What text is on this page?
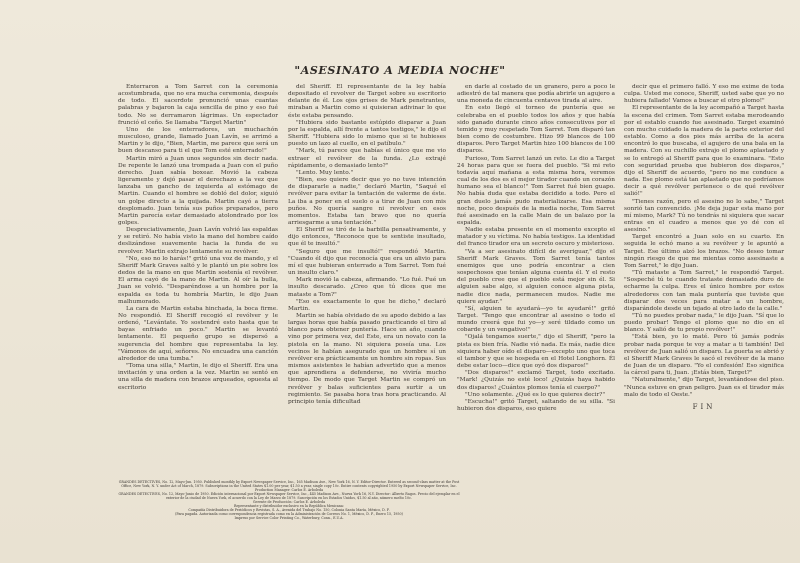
"ASESINATO A MEDIA NOCHE"

Enterraron a Tom Sarret con la ceremonia acostumbrada, que no era mucha ceremonia, después de todo. El sacerdote pronunció unas cuantas palabras y bajaron la caja sencilla de pino y eso fué todo. No se derramaron lágrimas. Un espectador frunció el ceño. Se llamaba "Target Martin"

Uno de los enterradores, un muchachón musculoso, grande, llamado Juan Lavín, se arrimó a Martin y le dijo, "Bien, Martin, me parece que será un buen descanso para ti el que Tom esté enterrado!"

Martin miró a Juan unos segundos sin decir nada. De repente le lanzó una trompada a Juan con el puño derecho. Juan sabía boxear. Movió la cabeza ligeramente y dejó pasar el derechazo a la vez que lanzaba un gancho de izquierda al estómago de Martin. Cuando el hombre se dobló del dolor, siguió un golpe directo a la quijada. Martin cayó a tierra desplomado. Juan tenía sus puños preparados, pero Martin parecía estar demasiado atolondrado por los golpes.

Despreciativamente, Juan Lavín volvió las espaldas y se retiró. No había visto la mano del hombre caído deslizándose suavemente hacia la funda de su revolver. Martin extrajo lentamente su revólver.

"No, eso no lo harás!" gritó una voz de mando, y el Sheriff Mark Graves saltó y le plantó un pie sobre los dedos de la mano en que Martin sostenía el revólver. El arma cayó de la mano de Martin. Al oír la bulla, Juan se volvió. "Desparéndose a un hombre por la espalda es toda tu hombría Martin, le dijo Juan malhumorado.

La cara de Martin estaba hinchada, la boca firme. No respondió. El Sheriff recogió el revólver y le ordenó, "Levántate. Yo sostendré esto hasta que te bayas enfriado un poco." Martin se levantó lentamente. El pequeño grupo se dispersó a sugerencia del hombre que representaba la ley. "Vámonos de aquí, señores. No encuadra una canción alrededor de una tumba."

"Toma una silla," Martin, le dijo el Sheriff. Era una invitación y una orden a la vez. Martin se sentó en una silla de madera con brazos arqueados, opuesta al escritorio

del Sheriff. El representante de la ley había depositado el revolver de Target sobre su escritorio delante de él. Los ojos grises de Mark penetrantes, miraban a Martin como si quisieran adivinar lo que éste estaba pensando.

"Hubiera sido bastante estúpido disparar a Juan por la espalda, allí frente a tantos testigos," le dijo el Sheriff. "Hubiera sido lo mismo que si te hubieses puesto un lazo al cuello, en el patíbulo."

"Mark, tú parece que habías el único que me vio extraer el revólver de la funda. ¿Lo extrajé rápidamente, o demasiado lento?"

"Lento. Muy lento."

"Bien, eso quiere decir que yo no tuve intención de dispararle a nadie," declaró Martin, "Saqué el revólver para evitar la tentación de valerme de éste. La iba a poner en el suelo o a tirar de Juan con mis puños. No quería sangre ni revolver en esos momentos. Estaba tan bravo que no quería arriesgarme a una tentación."

El Sheriff se tiró de la barbilla pensativamente, y dijo entonces, "Reconoce que te sentiste insultado, que él te insultó."

"Seguro que me insultó!" respondió Martin. "Cuando él dijo que reconocía que era un alivio para mí el que hubieran enterrado a Tom Sarret. Tom fué un insulto claro."

Mark movió la cabeza, afirmando. "Lo fué. Fué un insulto descarado. ¿Creo que tú dices que me mataste a Tom?"

"Eso es exactamente lo que he dicho," declaró Martin.

Martin se había olvidado de su apodo debido a las largas horas que había pasado practicando el tiro al blanco para obtener puntería. Hace un año, cuando vino por primera vez, del Este, era un novato con la pistola en la mano. Ni siquiera poseía una. Los vecinos le habían asegurado que un hombre sí un revólver era prácticamente un hombre sin ropas. Sus mismos asistentes le habían advertido que a menos que aprendiera a defenderse, no viviría mucho tiempo. De modo que Target Martin se compró un revólver y balas suficientes para surtir a un regimiento. Se pasaba hora tras hora practicando. Al principio tenía dificultad

en darle al costado de un granero, pero a poco le adiestró de tal manera que podía abrirle un agujero a una moneda de cincuenta centavos tirada al aire.

En esto llegó el torneo de puntería que se celebraba en el pueblo todos los años y que había sido ganado durante cinco años consecutivos por el temido y muy respetado Tom Sarret. Tom disparó tan bien como de costumbre. Hizo 99 blancos de 100 disparos. Pero Target Martin hizo 100 blancos de 100 disparos.

Furioso, Tom Sarret lanzó un reto. Le dio a Target 24 horas para que se fuera del pueblo. "Si mi reto todavía aquí mañana a esta misma hora, veremos cual de los dos es el mejor tirador cuando un corazón humano sea el blanco!" Tom Sarret fué bien guapo. No había duda que estaba decidido a todo. Pero el gran duelo jamás pudo materializarse. Esa misma noche, poco después de la media noche, Tom Sarret fué asesinado en la calle Main de un balazo por la espalda.

Nadie estaba presente en el momento excepto el matador y su víctima. No había testigos. La identidad del franco tirador era un secreto oscuro y misterioso.

"Va a ser asesinato difícil de averiguar," dijo el Sheriff Mark Graves. Tom Sarret tenía tantos enemigos que uno podría encontrar a cien sospechosos que tenían alguna cuenta él. Y el resto del pueblo cree que el pueblo está mejor sin él. Si alguien sabe algo, si alguien conoce alguna pista, nadie dice nada, permanecen mudos. Nadie me quiere ayudar."

"Sí, alguien te ayudará—yo te ayudaré!" gritó Target. "Tengo que encontrar al asesino o todo el mundo creerá que fui yo—y seré tildado como un cobarde y un vengativo!"

"Ojalá tengamos suerte," dijo el Sheriff, "pero la pista es bien fría. Nadie vió nada. Es más, nadie dice siquiera haber oído el disparo—excepto uno que toca el tambor y que se hospeda en el Hotel Longhorn. Él debe estar loco—dice que oyó dos disparos!"

"Dos disparos!" exclamó Target, todo excitado. "Mark! ¿Quizás no esté loco! ¿Quizás haya habido dos disparos! ¿Cuántos plomos tenía el cuerpo?"

"Uno solamente. ¿Qué es lo que quieres decir?"

"Escucha!" gritó Target, saltando de su silla. "Si hubieron dos disparos, eso quiere

decir que el primero falló. Y eso me exime de toda culpa. Usted me conoce, Sheriff, usted sabe que yo no hubiera fallado! Vamos a buscar el otro plomo!"

El representante de la ley acompañó a Target hasta la escena del crimen. Tom Sarret estaba merodeando por el establo cuando fue asesinado. Target examinó con mucho cuidado la madera de la parte exterior del establo. Como a dos pies más arriba de la acera encontró lo que buscaba, el agujero de una bala en la madera. Con su cuchillo extrajo el plomo aplastado y se lo entregó al Sheriff para que lo examinara. "Esto con seguridad prueba que hubieron dos disparos," dijo el Sheriff de acuerdo, "pero no me conduce a nada. Ese plomo está tan aplastado que no podríamos decir a qué revólver pertenece o de qué revólver salió!"

"Tienes razón, pero el asesino no lo sabe," Target sonrió tan convencido. ¡Me deja jugar esta mano por mí mismo, Mark? Tú no tendrás ni siquiera que sacar entras en el cuadro a menos que yo dé con el asesino."

Target encontró a Juan solo en su cuarto. En seguida le echó mano a su revólver y le apuntó a Target. Ese último alzó los brazos. "No deseo tomar ningún riesgo de que me mientas como asesinaste a Tom Sarret," le dijo Juan.

"Tú mataste a Tom Sarret," le respondió Target. "Sospeché tú te cuando trataste demasiado duro de echarme la culpa. Eres el único hombre por estos alrededores con tan mala puntería que tuviste que disparar dos veces para matar a un hombre, disparándole desde un tejado al otro lado de la calle."

"Tú no puedes probar nada," le dijo Juan. "Sí que lo puedo probar! Tengo el plomo que no dio en el blanco. Y salió de tu propio revólver!"

"Está bien, yo lo maté. Pero tú jamás podrás probar nada porque te voy a matar a ti también! Del revólver de Juan salió un disparo. La puerta se abrió y el Sheriff Mark Graves le sacó el revólver de la mano de Juan de un disparo. "Yo el confesión! Eso significa la cárcel para ti, Juan. ¡Estás bien, Target?"

"Naturalmente," dijo Target, levantándose del piso. "Nunca estuve en gran peligro. Juan es el tirador más malo de todo el Oeste."

FIN

GRANDES DETECTIVES, No. 12, Mayo-Jun. 1950. Published monthly by Export Newspaper Service, Inc., 165 Madison Ave., New York 16, N. Y. Editor-Director. Entered as second-class matter at the Post Office, New York, N. Y. under Act of March, 1879. Subscriptions in the United States $1.00 per year, $1.50 a year, single copy 10c. Entire contents copyrighted 1950 by Export Newspaper Service, Inc.

Production Manager: Carlos E. Arboleda

GRANDES DETECTIVES, No. 12, Mayo-Junio de 1950. Edición internacional por Export Newspaper Service, Inc., 445 Madison Ave., Nueva York 16, N.Y. Director: Alberto Ragos. Precio del ejemplar en el exterior de la ciudad de Nueva York, el acuerdo con la Ley de Marzo de 1879. Suscripción en los Estados Unidos, $1.50 al año, número suelto 10c.

Gerente de Producción: Carlos E. Arboleda

Representante y distribuidor exclusivo en la República Mexicana:

Compañía Distribuidora de Periódicos y Revistas, S. A., Avenida del Trabajo No. 150, Colonia Santa María, México, D. F.

(Para pagada. Autorizada como correspondencia registrada como en la Administración de Correos No. 1, México, D. F., Enero 15, 1950)

Impreso por Service Color Printing Co., Waterbury, Conn., E.U.A.
